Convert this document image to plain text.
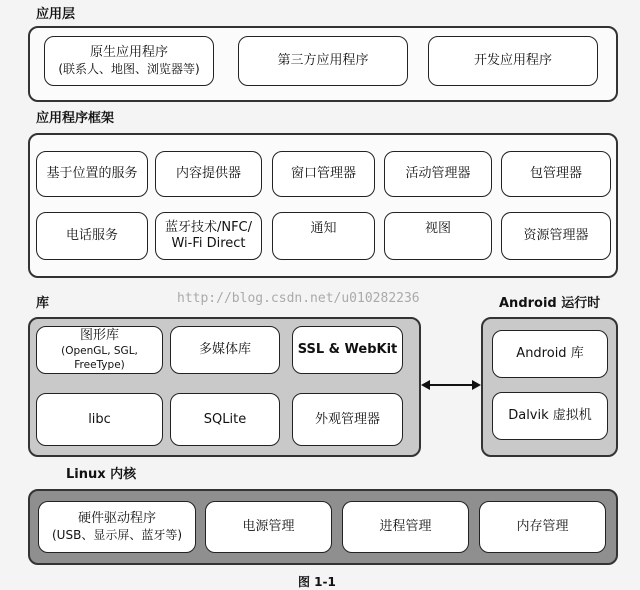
应用层
原生应用程序
(联系人、地图、浏览器等)
第三方应用程序	开发应用程序
应用程序框架
基于位置的服务	内容提供器	窗口管理器	活动管理器	包管理器
电话服务
蓝牙技术/NFC/
Wi-Fi Direct
通知	视图	资源管理器
http://blog.csdn.net/u010282236
库
图形库
(OpenGL, SGL, FreeType)
多媒体库	SSL & WebKit
libc	SQLite	外观管理器
Android 运行时
Android 库
Dalvik 虚拟机
Linux 内核
硬件驱动程序
(USB、显示屏、蓝牙等)
电源管理	进程管理	内存管理
图 1-1
